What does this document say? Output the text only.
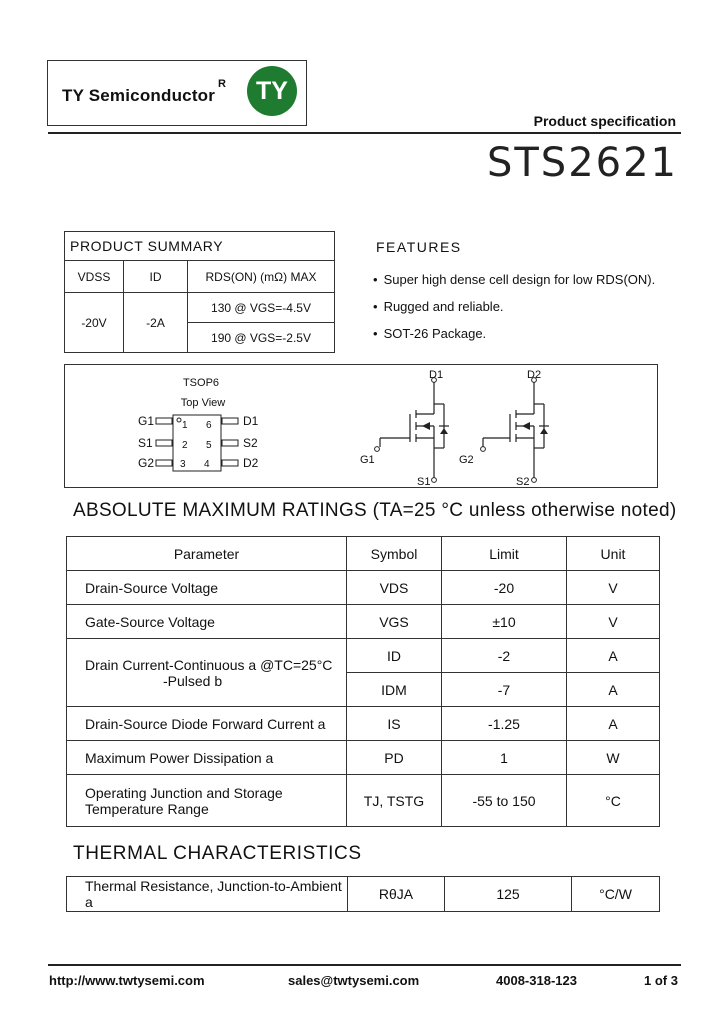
TY Semiconductor
R	TY
Product specification
STS2621
PRODUCT SUMMARY		
VDSS	ID	RDS(ON) (mΩ) MAX
-20V	-2A	130 @ VGS=-4.5V
		190 @ VGS=-2.5V
FEATURES
• Super high dense cell design for low RDS(ON).
• Rugged and reliable.
• SOT-26 Package.
TSOP6
Top View
G1
S1
G2
D1
S2
D2
1
2
3
6
5
4
D1
G1
S1
D2
G2
S2
ABSOLUTE MAXIMUM RATINGS (TA=25 °C unless otherwise noted)
Parameter	Symbol	Limit	Unit
Drain-Source Voltage	VDS	-20	V
Gate-Source Voltage	VGS	±10	V

Drain Current-Continuous a @TC=25°C
-Pulsed b	ID	-2	A
	IDM	-7	A
Drain-Source Diode Forward Current a	IS	-1.25	A
Maximum Power Dissipation a	PD	1	W

Operating Junction and Storage
Temperature Range	TJ, TSTG	-55 to 150	°C
THERMAL CHARACTERISTICS
Thermal Resistance, Junction-to-Ambient a	RθJA	125	°C/W
http://www.twtysemi.com	sales@twtysemi.com	4008-318-123	1 of 3
